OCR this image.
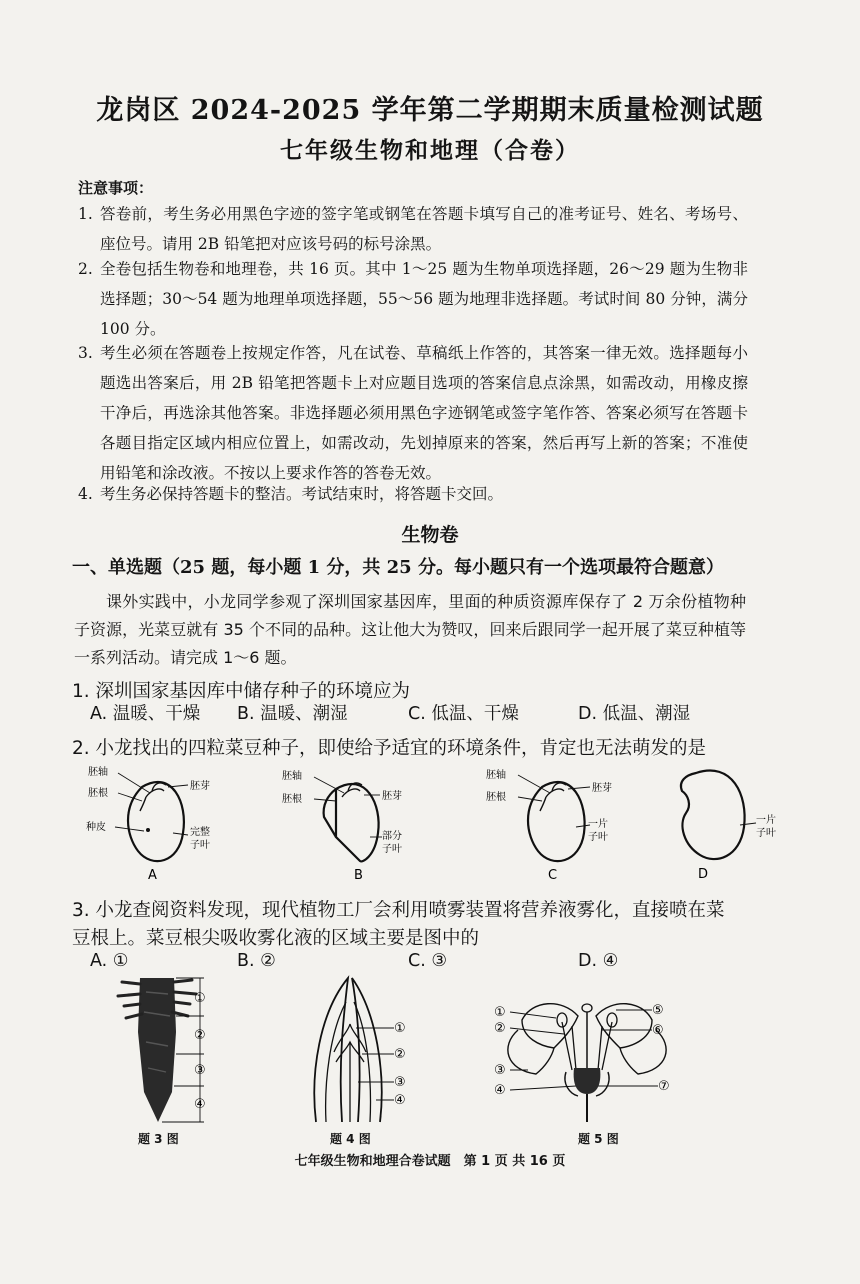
龙岗区 2024-2025 学年第二学期期末质量检测试题
七年级生物和地理（合卷）
注意事项：
1. 答卷前，考生务必用黑色字迹的签字笔或钢笔在答题卡填写自己的准考证号、姓名、考场号、座位号。请用 2B 铅笔把对应该号码的标号涂黑。
2. 全卷包括生物卷和地理卷，共 16 页。其中 1～25 题为生物单项选择题，26～29 题为生物非选择题；30～54 题为地理单项选择题，55～56 题为地理非选择题。考试时间 80 分钟，满分 100 分。
3. 考生必须在答题卷上按规定作答，凡在试卷、草稿纸上作答的，其答案一律无效。选择题每小题选出答案后，用 2B 铅笔把答题卡上对应题目选项的答案信息点涂黑，如需改动，用橡皮擦干净后，再选涂其他答案。非选择题必须用黑色字迹钢笔或签字笔作答、答案必须写在答题卡各题目指定区域内相应位置上，如需改动，先划掉原来的答案，然后再写上新的答案；不准使用铅笔和涂改液。不按以上要求作答的答卷无效。
4. 考生务必保持答题卡的整洁。考试结束时，将答题卡交回。
生物卷
一、单选题（25 题，每小题 1 分，共 25 分。每小题只有一个选项最符合题意）
课外实践中，小龙同学参观了深圳国家基因库，里面的种质资源库保存了 2 万余份植物种子资源，光菜豆就有 35 个不同的品种。这让他大为赞叹，回来后跟同学一起开展了菜豆种植等一系列活动。请完成 1～6 题。
1. 深圳国家基因库中储存种子的环境应为
A. 温暖、干燥 B. 温暖、潮湿	C. 低温、干燥	D. 低温、潮湿
2. 小龙找出的四粒菜豆种子，即使给予适宜的环境条件，肯定也无法萌发的是
胚轴
胚根
胚芽
种皮	完整
子叶
A
胚轴
胚根	胚芽
部分
子叶
B
胚轴
胚根
胚芽
一片
子叶
C
一片
子叶
D
3. 小龙查阅资料发现，现代植物工厂会利用喷雾装置将营养液雾化，直接喷在菜
豆根上。菜豆根尖吸收雾化液的区域主要是图中的
A. ①	B. ②	C. ③	D. ④
①
②
③
④
题 3 图
①
②
③
④
题 4 图
①
②
③
④
⑤
⑥
⑦
题 5 图
七年级生物和地理合卷试题　第 1 页 共 16 页
